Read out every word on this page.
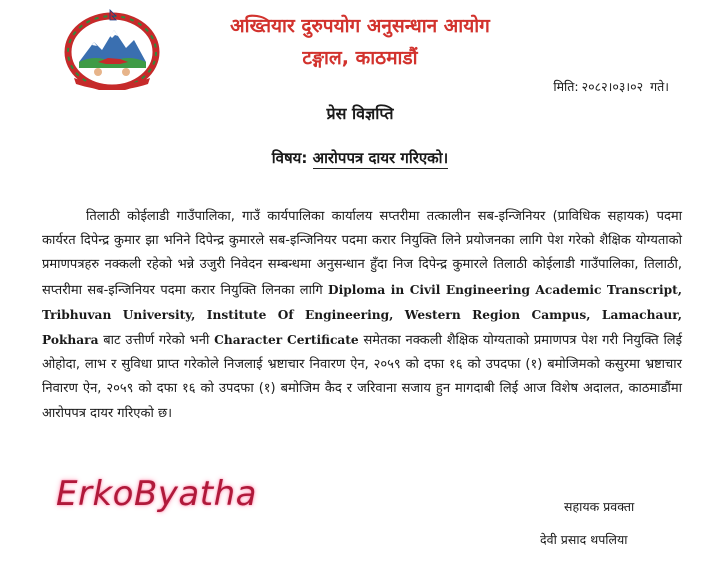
अख्तियार दुरुपयोग अनुसन्धान आयोग

टङ्गाल, काठमाडौं

मिति: २०८२।०३।०२ गते।
प्रेस विज्ञप्ति
विषय: आरोपपत्र दायर गरिएको।

तिलाठी कोईलाडी गाउँपालिका, गाउँ कार्यपालिका कार्यालय सप्तरीमा तत्कालीन सब-इन्जिनियर (प्राविधिक सहायक) पदमा कार्यरत दिपेन्द्र कुमार झा भनिने दिपेन्द्र कुमारले सब-इन्जिनियर पदमा करार नियुक्ति लिने प्रयोजनका लागि पेश गरेको शैक्षिक योग्यताको प्रमाणपत्रहरु नक्कली रहेको भन्ने उजुरी निवेदन सम्बन्धमा अनुसन्धान हुँदा निज दिपेन्द्र कुमारले तिलाठी कोईलाडी गाउँपालिका, तिलाठी, सप्तरीमा सब-इन्जिनियर पदमा करार नियुक्ति लिनका लागि Diploma in Civil Engineering Academic Transcript, Tribhuvan University, Institute Of Engineering, Western Region Campus, Lamachaur, Pokhara बाट उत्तीर्ण गरेको भनी Character Certificate समेतका नक्कली शैक्षिक योग्यताको प्रमाणपत्र पेश गरी नियुक्ति लिई ओहोदा, लाभ र सुविधा प्राप्त गरेकोले निजलाई भ्रष्टाचार निवारण ऐन, २०५९ को दफा १६ को उपदफा (१) बमोजिमको कसुरमा भ्रष्टाचार निवारण ऐन, २०५९ को दफा १६ को उपदफा (१) बमोजिम कैद र जरिवाना सजाय हुन मागदाबी लिई आज विशेष अदालत, काठमाडौंमा आरोपपत्र दायर गरिएको छ।

ErkoByatha	सहायक प्रवक्ता
देवी प्रसाद थपलिया
